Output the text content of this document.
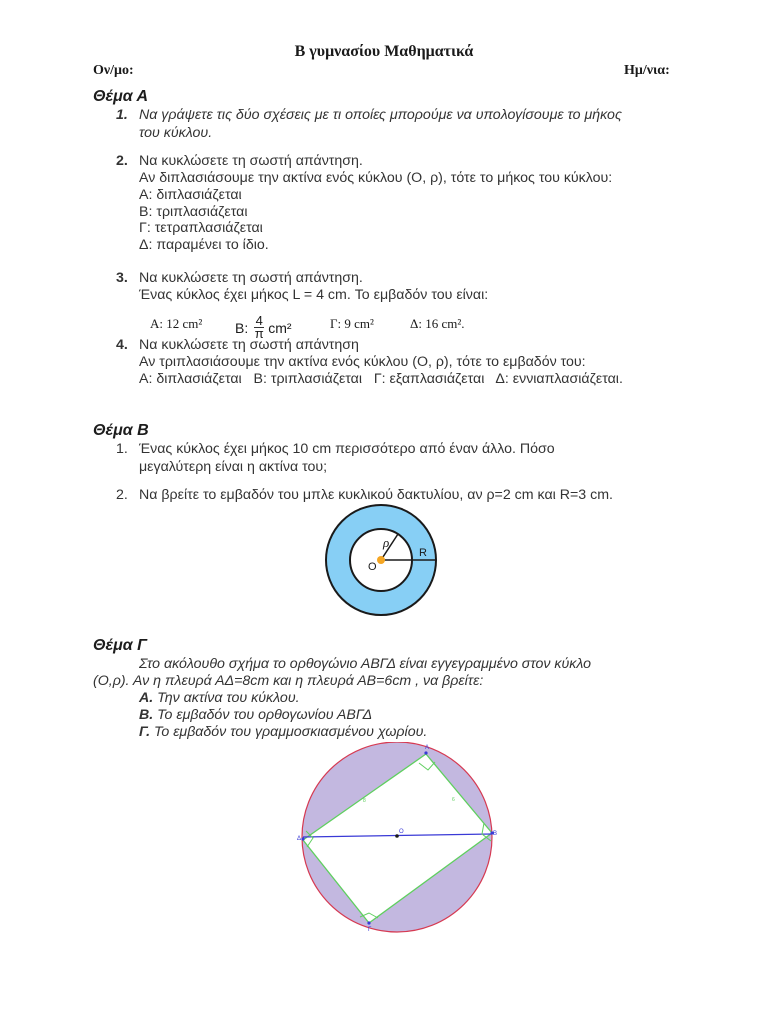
Β γυμνασίου Μαθηματικά
Ον/μο:	Ημ/νια:
Θέμα Α
1. Να γράψετε τις δύο σχέσεις με τι οποίες μπορούμε να υπολογίσουμε το μήκος
του κύκλου.
2. Να κυκλώσετε τη σωστή απάντηση.
Αν διπλασιάσουμε την ακτίνα ενός κύκλου (Ο, ρ), τότε το μήκος του κύκλου:
Α: διπλασιάζεται
Β: τριπλασιάζεται
Γ: τετραπλασιάζεται
Δ: παραμένει το ίδιο.
3. Να κυκλώσετε τη σωστή απάντηση.
Ένας κύκλος έχει μήκος L = 4 cm. Το εμβαδόν του είναι:
Α: 12 cm² Β: $\frac{4}{\pi} cm^2$	Γ: 9 cm²	Δ: 16 cm².
4. Να κυκλώσετε τη σωστή απάντηση
Αν τριπλασιάσουμε την ακτίνα ενός κύκλου (Ο, ρ), τότε το εμβαδόν του:
Α: διπλασιάζεται   Β: τριπλασιάζεται   Γ: εξαπλασιάζεται   Δ: εννιαπλασιάζεται.
Θέμα Β
1. Ένας κύκλος έχει μήκος 10 cm περισσότερο από έναν άλλο. Πόσο
μεγαλύτερη είναι η ακτίνα του;
2. Να βρείτε το εμβαδόν του μπλε κυκλικού δακτυλίου, αν ρ=2 cm και R=3 cm.
ρ
R
O
Θέμα Γ
Στο ακόλουθο σχήμα το ορθογώνιο ΑΒΓΔ είναι εγγεγραμμένο στον κύκλο
(Ο,ρ). Αν η πλευρά ΑΔ=8cm και η πλευρά ΑΒ=6cm , να βρείτε:
Α. Την ακτίνα του κύκλου.
Β. Το εμβαδόν του ορθογωνίου ΑΒΓΔ
Γ. Το εμβαδόν του γραμμοσκιασμένου χωρίου.
Α
Β
Γ
Δ
Ο
8	6
